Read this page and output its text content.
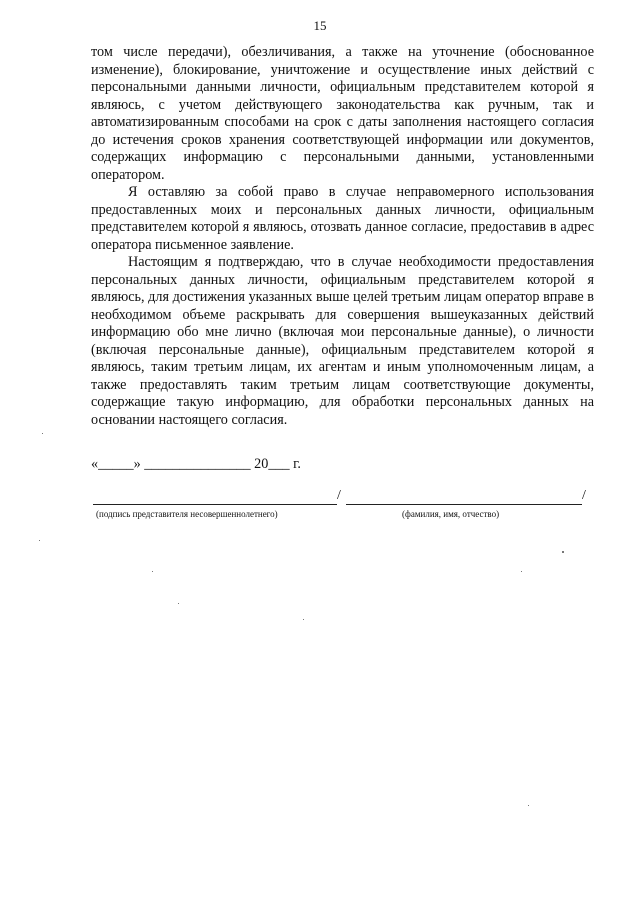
15

том числе передачи), обезличивания, а также на уточнение (обоснованное изменение), блокирование, уничтожение и осуществление иных действий с персональными данными личности, официальным представителем которой я являюсь, с учетом действующего законодательства как ручным, так и автоматизированным способами на срок с даты заполнения настоящего согласия до истечения сроков хранения соответствующей информации или документов, содержащих информацию с персональными данными, установленными оператором.

Я оставляю за собой право в случае неправомерного использования предоставленных моих и персональных данных личности, официальным представителем которой я являюсь, отозвать данное согласие, предоставив в адрес оператора письменное заявление.

Настоящим я подтверждаю, что в случае необходимости предоставления персональных данных личности, официальным представителем которой я являюсь, для достижения указанных выше целей третьим лицам оператор вправе в необходимом объеме раскрывать для совершения вышеуказанных действий информацию обо мне лично (включая мои персональные данные), о личности (включая персональные данные), официальным представителем которой я являюсь, таким третьим лицам, их агентам и иным уполномоченным лицам, а также предоставлять таким третьим лицам соответствующие документы, содержащие такую информацию, для обработки персональных данных на основании настоящего согласия.

«_____» _______________ 20___ г.
/	/
(подпись представителя несовершеннолетнего)	(фамилия, имя, отчество)
